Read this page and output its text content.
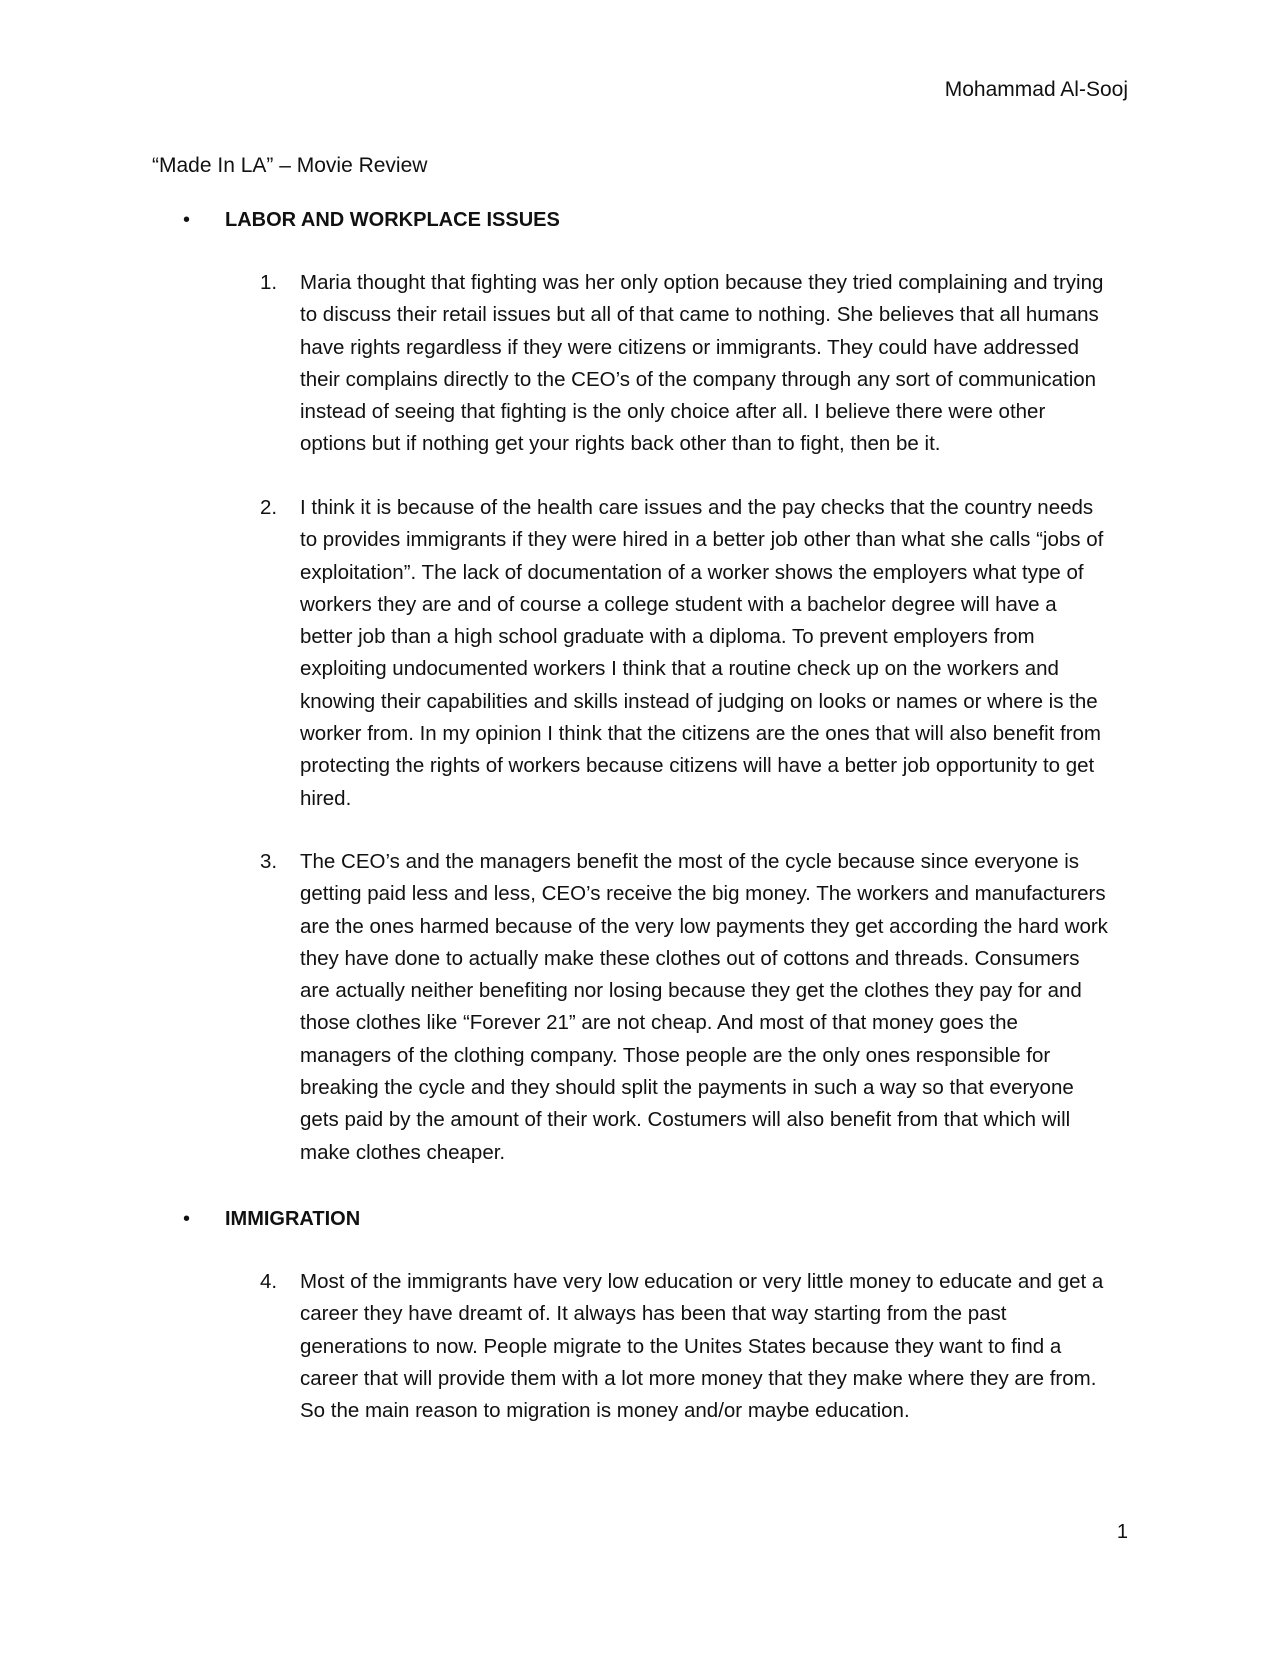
Mohammad Al-Sooj
“Made In LA” – Movie Review
• LABOR AND WORKPLACE ISSUES
1.	Maria thought that fighting was her only option because they tried complaining and trying to discuss their retail issues but all of that came to nothing. She believes that all humans have rights regardless if they were citizens or immigrants. They could have addressed their complains directly to the CEO’s of the company through any sort of communication instead of seeing that fighting is the only choice after all. I believe there were other options but if nothing get your rights back other than to fight, then be it.
2.	I think it is because of the health care issues and the pay checks that the country needs to provides immigrants if they were hired in a better job other than what she calls “jobs of exploitation”. The lack of documentation of a worker shows the employers what type of workers they are and of course a college student with a bachelor degree will have a better job than a high school graduate with a diploma. To prevent employers from exploiting undocumented workers I think that a routine check up on the workers and knowing their capabilities and skills instead of judging on looks or names or where is the worker from. In my opinion I think that the citizens are the ones that will also benefit from protecting the rights of workers because citizens will have a better job opportunity to get hired.
3.	The CEO’s and the managers benefit the most of the cycle because since everyone is getting paid less and less, CEO’s receive the big money. The workers and manufacturers are the ones harmed because of the very low payments they get according the hard work they have done to actually make these clothes out of cottons and threads. Consumers are actually neither benefiting nor losing because they get the clothes they pay for and those clothes like “Forever 21” are not cheap. And most of that money goes the managers of the clothing company. Those people are the only ones responsible for breaking the cycle and they should split the payments in such a way so that everyone gets paid by the amount of their work. Costumers will also benefit from that which will make clothes cheaper.
• IMMIGRATION
4.	Most of the immigrants have very low education or very little money to educate and get a career they have dreamt of. It always has been that way starting from the past generations to now. People migrate to the Unites States because they want to find a career that will provide them with a lot more money that they make where they are from. So the main reason to migration is money and/or maybe education.
1
